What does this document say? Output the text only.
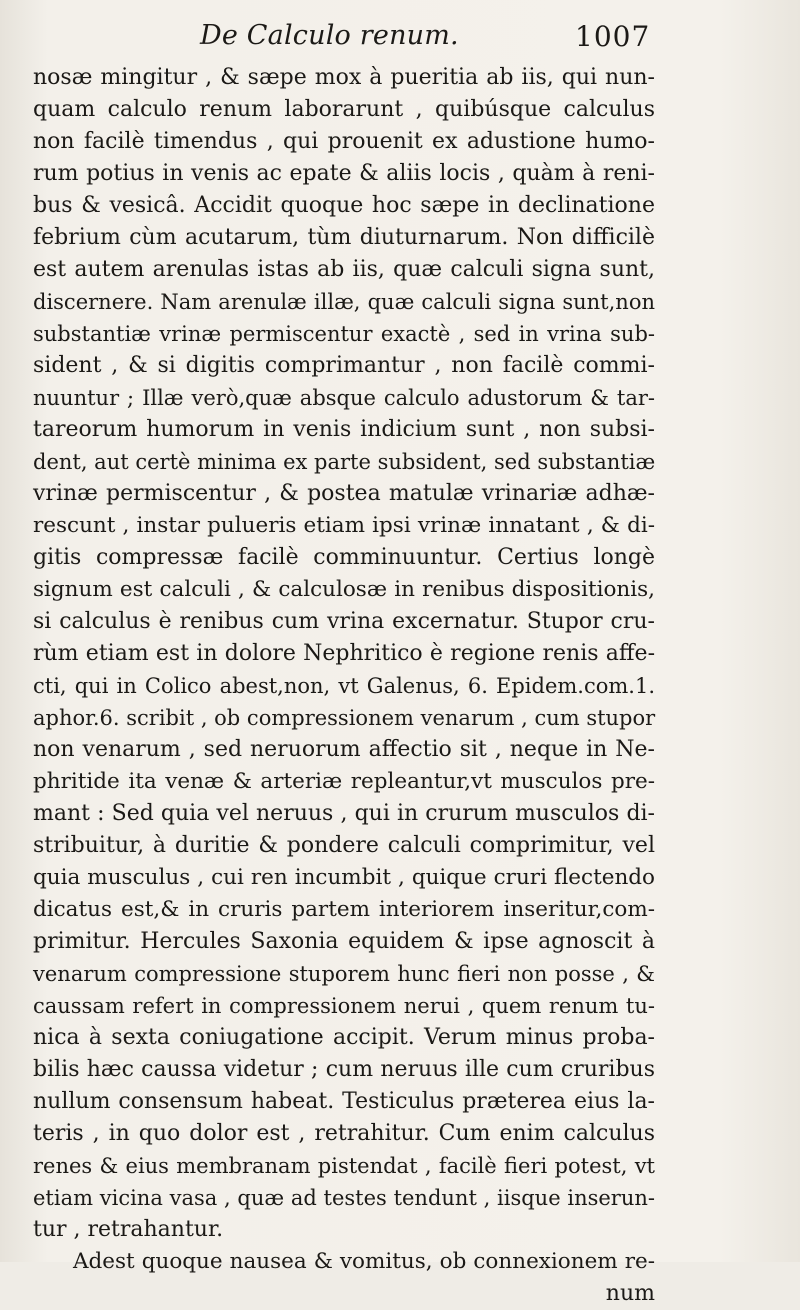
De Calculo renum.	1007
nosæ mingitur , & sæpe mox à pueritia ab iis, qui nun-
quam calculo renum laborarunt , quibúsque calculus
non facilè timendus , qui prouenit ex adustione humo-
rum potius in venis ac epate & aliis locis , quàm à reni-
bus & vesicâ. Accidit quoque hoc sæpe in declinatione
febrium cùm acutarum, tùm diuturnarum. Non difficilè
est autem arenulas istas ab iis, quæ calculi signa sunt,
discernere. Nam arenulæ illæ, quæ calculi signa sunt,non
substantiæ vrinæ permiscentur exactè , sed in vrina sub-
sident , & si digitis comprimantur , non facilè commi-
nuuntur ; Illæ verò,quæ absque calculo adustorum & tar-
tareorum humorum in venis indicium sunt , non subsi-
dent, aut certè minima ex parte subsident, sed substantiæ
vrinæ permiscentur , & postea matulæ vrinariæ adhæ-
rescunt , instar pulueris etiam ipsi vrinæ innatant , & di-
gitis compressæ facilè comminuuntur. Certius longè
signum est calculi , & calculosæ in renibus dispositionis,
si calculus è renibus cum vrina excernatur. Stupor cru-
rùm etiam est in dolore Nephritico è regione renis affe-
cti, qui in Colico abest,non, vt Galenus, 6. Epidem.com.1.
aphor.6. scribit , ob compressionem venarum , cum stupor
non venarum , sed neruorum affectio sit , neque in Ne-
phritide ita venæ & arteriæ repleantur,vt musculos pre-
mant : Sed quia vel neruus , qui in crurum musculos di-
stribuitur, à duritie & pondere calculi comprimitur, vel
quia musculus , cui ren incumbit , quique cruri flectendo
dicatus est,& in cruris partem interiorem inseritur,com-
primitur. Hercules Saxonia equidem & ipse agnoscit à
venarum compressione stuporem hunc fieri non posse , &
caussam refert in compressionem nerui , quem renum tu-
nica à sexta coniugatione accipit. Verum minus proba-
bilis hæc caussa videtur ; cum neruus ille cum cruribus
nullum consensum habeat. Testiculus præterea eius la-
teris , in quo dolor est , retrahitur. Cum enim calculus
renes & eius membranam pistendat , facilè fieri potest, vt
etiam vicina vasa , quæ ad testes tendunt , iisque inserun-
tur , retrahantur.
Adest quoque nausea & vomitus, ob connexionem re-
num
